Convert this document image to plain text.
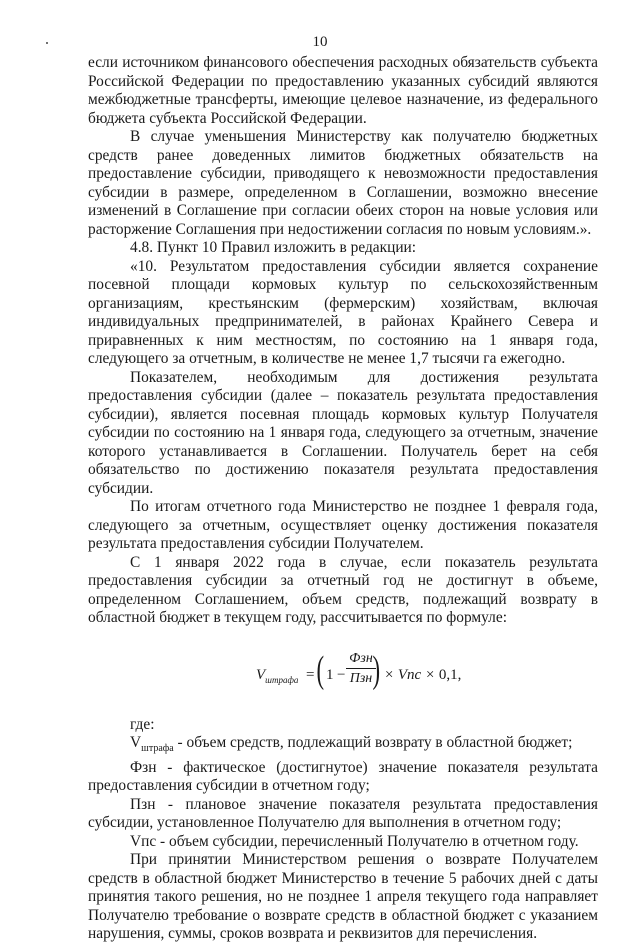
10

если источником финансового обеспечения расходных обязательств субъекта Российской Федерации по предоставлению указанных субсидий являются межбюджетные трансферты, имеющие целевое назначение, из федерального бюджета субъекта Российской Федерации.

В случае уменьшения Министерству как получателю бюджетных средств ранее доведенных лимитов бюджетных обязательств на предоставление субсидии, приводящего к невозможности предоставления субсидии в размере, определенном в Соглашении, возможно внесение изменений в Соглашение при согласии обеих сторон на новые условия или расторжение Соглашения при недостижении согласия по новым условиям.».

4.8. Пункт 10 Правил изложить в редакции:

«10. Результатом предоставления субсидии является сохранение посевной площади кормовых культур по сельскохозяйственным организациям, крестьянским (фермерским) хозяйствам, включая индивидуальных предпринимателей, в районах Крайнего Севера и приравненных к ним местностям, по состоянию на 1 января года, следующего за отчетным, в количестве не менее 1,7 тысячи га ежегодно.

Показателем, необходимым для достижения результата предоставления субсидии (далее – показатель результата предоставления субсидии), является посевная площадь кормовых культур Получателя субсидии по состоянию на 1 января года, следующего за отчетным, значение которого устанавливается в Соглашении. Получатель берет на себя обязательство по достижению показателя результата предоставления субсидии.

По итогам отчетного года Министерство не позднее 1 февраля года, следующего за отчетным, осуществляет оценку достижения показателя результата предоставления субсидии Получателем.

С 1 января 2022 года в случае, если показатель результата предоставления субсидии за отчетный год не достигнут в объеме, определенном Соглашением, объем средств, подлежащий возврату в областной бюджет в текущем году, рассчитывается по формуле:

$V_{штрафа}$ = ( 1 −
Фзн
Пзн ) × Vпс × 0,1,

где:

$V_{штрафа}$ - объем средств, подлежащий возврату в областной бюджет;

Фзн - фактическое (достигнутое) значение показателя результата предоставления субсидии в отчетном году;

Пзн - плановое значение показателя результата предоставления субсидии, установленное Получателю для выполнения в отчетном году;

Vпс - объем субсидии, перечисленный Получателю в отчетном году.

При принятии Министерством решения о возврате Получателем средств в областной бюджет Министерство в течение 5 рабочих дней с даты принятия такого решения, но не позднее 1 апреля текущего года направляет Получателю требование о возврате средств в областной бюджет с указанием нарушения, суммы, сроков возврата и реквизитов для перечисления.
